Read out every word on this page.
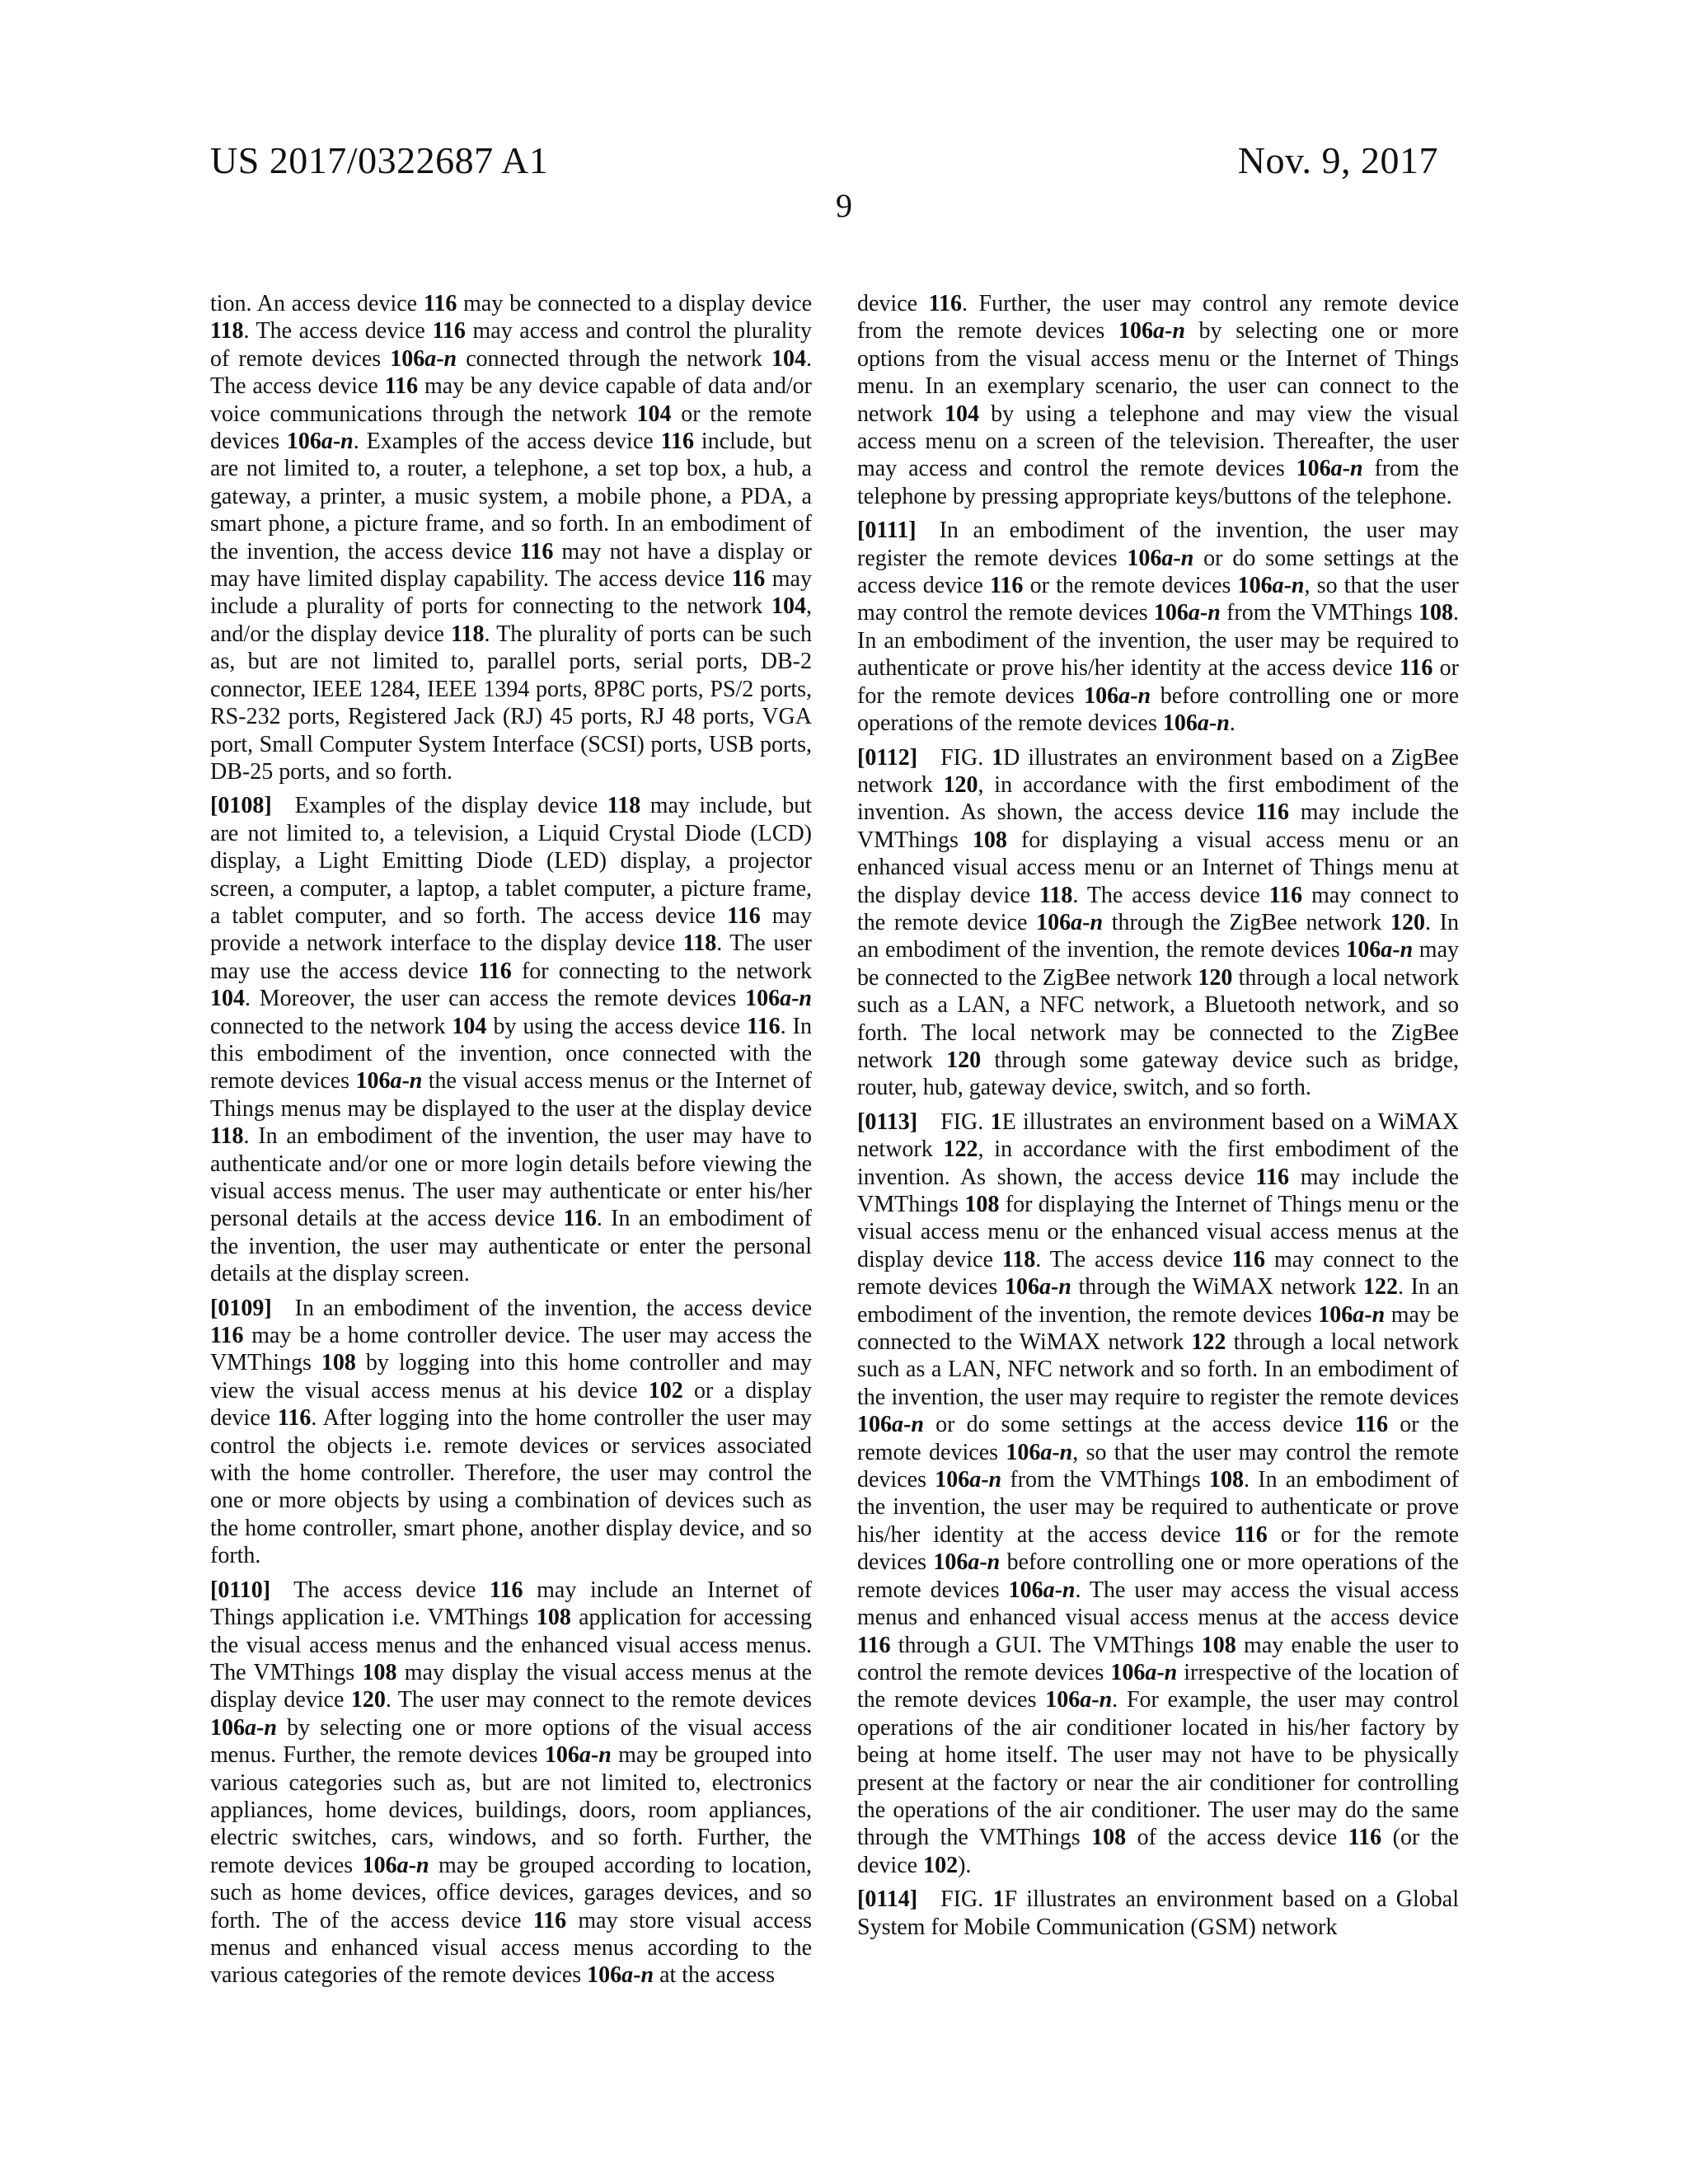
US 2017/0322687 A1	Nov. 9, 2017
9

tion. An access device 116 may be connected to a display device 118. The access device 116 may access and control the plurality of remote devices 106a-n connected through the network 104. The access device 116 may be any device capable of data and/or voice communications through the network 104 or the remote devices 106a-n. Examples of the access device 116 include, but are not limited to, a router, a telephone, a set top box, a hub, a gateway, a printer, a music system, a mobile phone, a PDA, a smart phone, a picture frame, and so forth. In an embodiment of the invention, the access device 116 may not have a display or may have limited display capability. The access device 116 may include a plurality of ports for connecting to the network 104, and/or the display device 118. The plurality of ports can be such as, but are not limited to, parallel ports, serial ports, DB-2 connector, IEEE 1284, IEEE 1394 ports, 8P8C ports, PS/2 ports, RS-232 ports, Registered Jack (RJ) 45 ports, RJ 48 ports, VGA port, Small Computer System Interface (SCSI) ports, USB ports, DB-25 ports, and so forth.

[0108]  Examples of the display device 118 may include, but are not limited to, a television, a Liquid Crystal Diode (LCD) display, a Light Emitting Diode (LED) display, a projector screen, a computer, a laptop, a tablet computer, a picture frame, a tablet computer, and so forth. The access device 116 may provide a network interface to the display device 118. The user may use the access device 116 for connecting to the network 104. Moreover, the user can access the remote devices 106a-n connected to the network 104 by using the access device 116. In this embodiment of the invention, once connected with the remote devices 106a-n the visual access menus or the Internet of Things menus may be displayed to the user at the display device 118. In an embodiment of the invention, the user may have to authenticate and/or one or more login details before viewing the visual access menus. The user may authenticate or enter his/her personal details at the access device 116. In an embodiment of the invention, the user may authenticate or enter the personal details at the display screen.

[0109]  In an embodiment of the invention, the access device 116 may be a home controller device. The user may access the VMThings 108 by logging into this home controller and may view the visual access menus at his device 102 or a display device 116. After logging into the home controller the user may control the objects i.e. remote devices or services associated with the home controller. Therefore, the user may control the one or more objects by using a combination of devices such as the home controller, smart phone, another display device, and so forth.

[0110]  The access device 116 may include an Internet of Things application i.e. VMThings 108 application for accessing the visual access menus and the enhanced visual access menus. The VMThings 108 may display the visual access menus at the display device 120. The user may connect to the remote devices 106a-n by selecting one or more options of the visual access menus. Further, the remote devices 106a-n may be grouped into various categories such as, but are not limited to, electronics appliances, home devices, buildings, doors, room appliances, electric switches, cars, windows, and so forth. Further, the remote devices 106a-n may be grouped according to location, such as home devices, office devices, garages devices, and so forth. The of the access device 116 may store visual access menus and enhanced visual access menus according to the various categories of the remote devices 106a-n at the access

device 116. Further, the user may control any remote device from the remote devices 106a-n by selecting one or more options from the visual access menu or the Internet of Things menu. In an exemplary scenario, the user can connect to the network 104 by using a telephone and may view the visual access menu on a screen of the television. Thereafter, the user may access and control the remote devices 106a-n from the telephone by pressing appropriate keys/buttons of the telephone.

[0111]  In an embodiment of the invention, the user may register the remote devices 106a-n or do some settings at the access device 116 or the remote devices 106a-n, so that the user may control the remote devices 106a-n from the VMThings 108. In an embodiment of the invention, the user may be required to authenticate or prove his/her identity at the access device 116 or for the remote devices 106a-n before controlling one or more operations of the remote devices 106a-n.

[0112]  FIG. 1D illustrates an environment based on a ZigBee network 120, in accordance with the first embodiment of the invention. As shown, the access device 116 may include the VMThings 108 for displaying a visual access menu or an enhanced visual access menu or an Internet of Things menu at the display device 118. The access device 116 may connect to the remote device 106a-n through the ZigBee network 120. In an embodiment of the invention, the remote devices 106a-n may be connected to the ZigBee network 120 through a local network such as a LAN, a NFC network, a Bluetooth network, and so forth. The local network may be connected to the ZigBee network 120 through some gateway device such as bridge, router, hub, gateway device, switch, and so forth.

[0113]  FIG. 1E illustrates an environment based on a WiMAX network 122, in accordance with the first embodiment of the invention. As shown, the access device 116 may include the VMThings 108 for displaying the Internet of Things menu or the visual access menu or the enhanced visual access menus at the display device 118. The access device 116 may connect to the remote devices 106a-n through the WiMAX network 122. In an embodiment of the invention, the remote devices 106a-n may be connected to the WiMAX network 122 through a local network such as a LAN, NFC network and so forth. In an embodiment of the invention, the user may require to register the remote devices 106a-n or do some settings at the access device 116 or the remote devices 106a-n, so that the user may control the remote devices 106a-n from the VMThings 108. In an embodiment of the invention, the user may be required to authenticate or prove his/her identity at the access device 116 or for the remote devices 106a-n before controlling one or more operations of the remote devices 106a-n. The user may access the visual access menus and enhanced visual access menus at the access device 116 through a GUI. The VMThings 108 may enable the user to control the remote devices 106a-n irrespective of the location of the remote devices 106a-n. For example, the user may control operations of the air conditioner located in his/her factory by being at home itself. The user may not have to be physically present at the factory or near the air conditioner for controlling the operations of the air conditioner. The user may do the same through the VMThings 108 of the access device 116 (or the device 102).

[0114]  FIG. 1F illustrates an environment based on a Global System for Mobile Communication (GSM) network
